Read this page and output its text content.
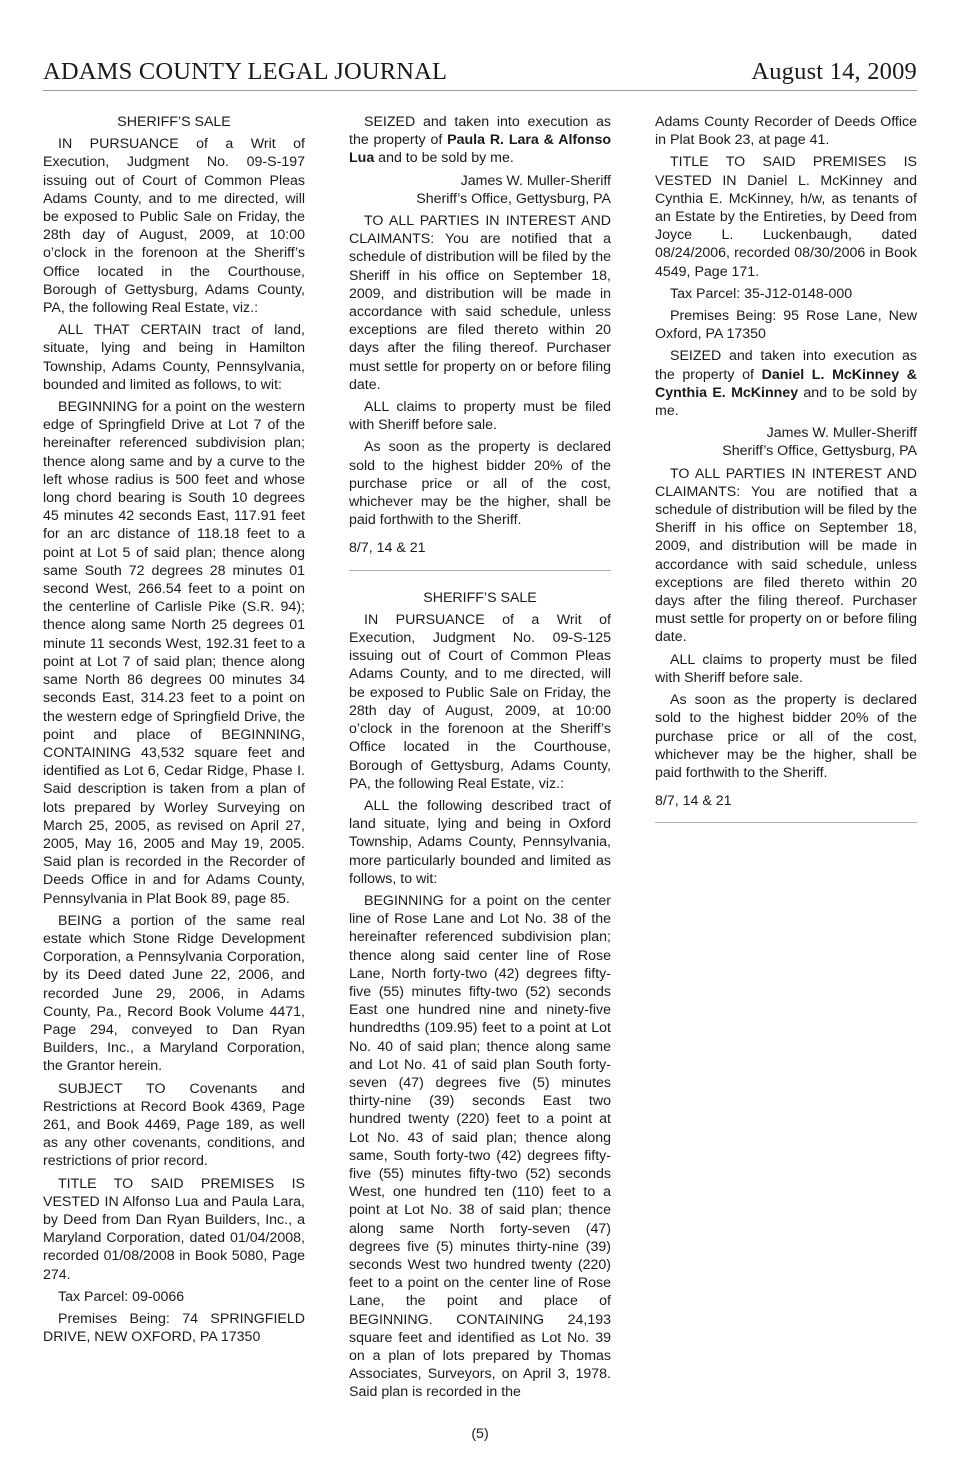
ADAMS COUNTY LEGAL JOURNAL	August 14, 2009
SHERIFF’S SALE

IN PURSUANCE of a Writ of Execution, Judgment No. 09-S-197 issuing out of Court of Common Pleas Adams County, and to me directed, will be exposed to Public Sale on Friday, the 28th day of August, 2009, at 10:00 o’clock in the forenoon at the Sheriff’s Office located in the Courthouse, Borough of Gettysburg, Adams County, PA, the following Real Estate, viz.:

ALL THAT CERTAIN tract of land, situate, lying and being in Hamilton Township, Adams County, Pennsylvania, bounded and limited as follows, to wit:

BEGINNING for a point on the western edge of Springfield Drive at Lot 7 of the hereinafter referenced subdivision plan; thence along same and by a curve to the left whose radius is 500 feet and whose long chord bearing is South 10 degrees 45 minutes 42 seconds East, 117.91 feet for an arc distance of 118.18 feet to a point at Lot 5 of said plan; thence along same South 72 degrees 28 minutes 01 second West, 266.54 feet to a point on the centerline of Carlisle Pike (S.R. 94); thence along same North 25 degrees 01 minute 11 seconds West, 192.31 feet to a point at Lot 7 of said plan; thence along same North 86 degrees 00 minutes 34 seconds East, 314.23 feet to a point on the western edge of Springfield Drive, the point and place of BEGINNING, CONTAINING 43,532 square feet and identified as Lot 6, Cedar Ridge, Phase I. Said description is taken from a plan of lots prepared by Worley Surveying on March 25, 2005, as revised on April 27, 2005, May 16, 2005 and May 19, 2005. Said plan is recorded in the Recorder of Deeds Office in and for Adams County, Pennsylvania in Plat Book 89, page 85.

BEING a portion of the same real estate which Stone Ridge Development Corporation, a Pennsylvania Corporation, by its Deed dated June 22, 2006, and recorded June 29, 2006, in Adams County, Pa., Record Book Volume 4471, Page 294, conveyed to Dan Ryan Builders, Inc., a Maryland Corporation, the Grantor herein.

SUBJECT TO Covenants and Restrictions at Record Book 4369, Page 261, and Book 4469, Page 189, as well as any other covenants, conditions, and restrictions of prior record.

TITLE TO SAID PREMISES IS VESTED IN Alfonso Lua and Paula Lara, by Deed from Dan Ryan Builders, Inc., a Maryland Corporation, dated 01/04/2008, recorded 01/08/2008 in Book 5080, Page 274.

Tax Parcel: 09-0066

Premises Being: 74 SPRINGFIELD DRIVE, NEW OXFORD, PA 17350

SEIZED and taken into execution as the property of Paula R. Lara & Alfonso Lua and to be sold by me.

James W. Muller-Sheriff
Sheriff’s Office, Gettysburg, PA

TO ALL PARTIES IN INTEREST AND CLAIMANTS: You are notified that a schedule of distribution will be filed by the Sheriff in his office on September 18, 2009, and distribution will be made in accordance with said schedule, unless exceptions are filed thereto within 20 days after the filing thereof. Purchaser must settle for property on or before filing date.

ALL claims to property must be filed with Sheriff before sale.

As soon as the property is declared sold to the highest bidder 20% of the purchase price or all of the cost, whichever may be the higher, shall be paid forthwith to the Sheriff.

8/7, 14 & 21
SHERIFF’S SALE

IN PURSUANCE of a Writ of Execution, Judgment No. 09-S-125 issuing out of Court of Common Pleas Adams County, and to me directed, will be exposed to Public Sale on Friday, the 28th day of August, 2009, at 10:00 o’clock in the forenoon at the Sheriff’s Office located in the Courthouse, Borough of Gettysburg, Adams County, PA, the following Real Estate, viz.:

ALL the following described tract of land situate, lying and being in Oxford Township, Adams County, Pennsylvania, more particularly bounded and limited as follows, to wit:

BEGINNING for a point on the center line of Rose Lane and Lot No. 38 of the hereinafter referenced subdivision plan; thence along said center line of Rose Lane, North forty-two (42) degrees fifty-five (55) minutes fifty-two (52) seconds East one hundred nine and ninety-five hundredths (109.95) feet to a point at Lot No. 40 of said plan; thence along same and Lot No. 41 of said plan South forty-seven (47) degrees five (5) minutes thirty-nine (39) seconds East two hundred twenty (220) feet to a point at Lot No. 43 of said plan; thence along same, South forty-two (42) degrees fifty-five (55) minutes fifty-two (52) seconds West, one hundred ten (110) feet to a point at Lot No. 38 of said plan; thence along same North forty-seven (47) degrees five (5) minutes thirty-nine (39) seconds West two hundred twenty (220) feet to a point on the center line of Rose Lane, the point and place of BEGINNING. CONTAINING 24,193 square feet and identified as Lot No. 39 on a plan of lots prepared by Thomas Associates, Surveyors, on April 3, 1978. Said plan is recorded in the

Adams County Recorder of Deeds Office in Plat Book 23, at page 41.

TITLE TO SAID PREMISES IS VESTED IN Daniel L. McKinney and Cynthia E. McKinney, h/w, as tenants of an Estate by the Entireties, by Deed from Joyce L. Luckenbaugh, dated 08/24/2006, recorded 08/30/2006 in Book 4549, Page 171.

Tax Parcel: 35-J12-0148-000

Premises Being: 95 Rose Lane, New Oxford, PA 17350

SEIZED and taken into execution as the property of Daniel L. McKinney & Cynthia E. McKinney and to be sold by me.

James W. Muller-Sheriff
Sheriff’s Office, Gettysburg, PA

TO ALL PARTIES IN INTEREST AND CLAIMANTS: You are notified that a schedule of distribution will be filed by the Sheriff in his office on September 18, 2009, and distribution will be made in accordance with said schedule, unless exceptions are filed thereto within 20 days after the filing thereof. Purchaser must settle for property on or before filing date.

ALL claims to property must be filed with Sheriff before sale.

As soon as the property is declared sold to the highest bidder 20% of the purchase price or all of the cost, whichever may be the higher, shall be paid forthwith to the Sheriff.

8/7, 14 & 21
(5)
